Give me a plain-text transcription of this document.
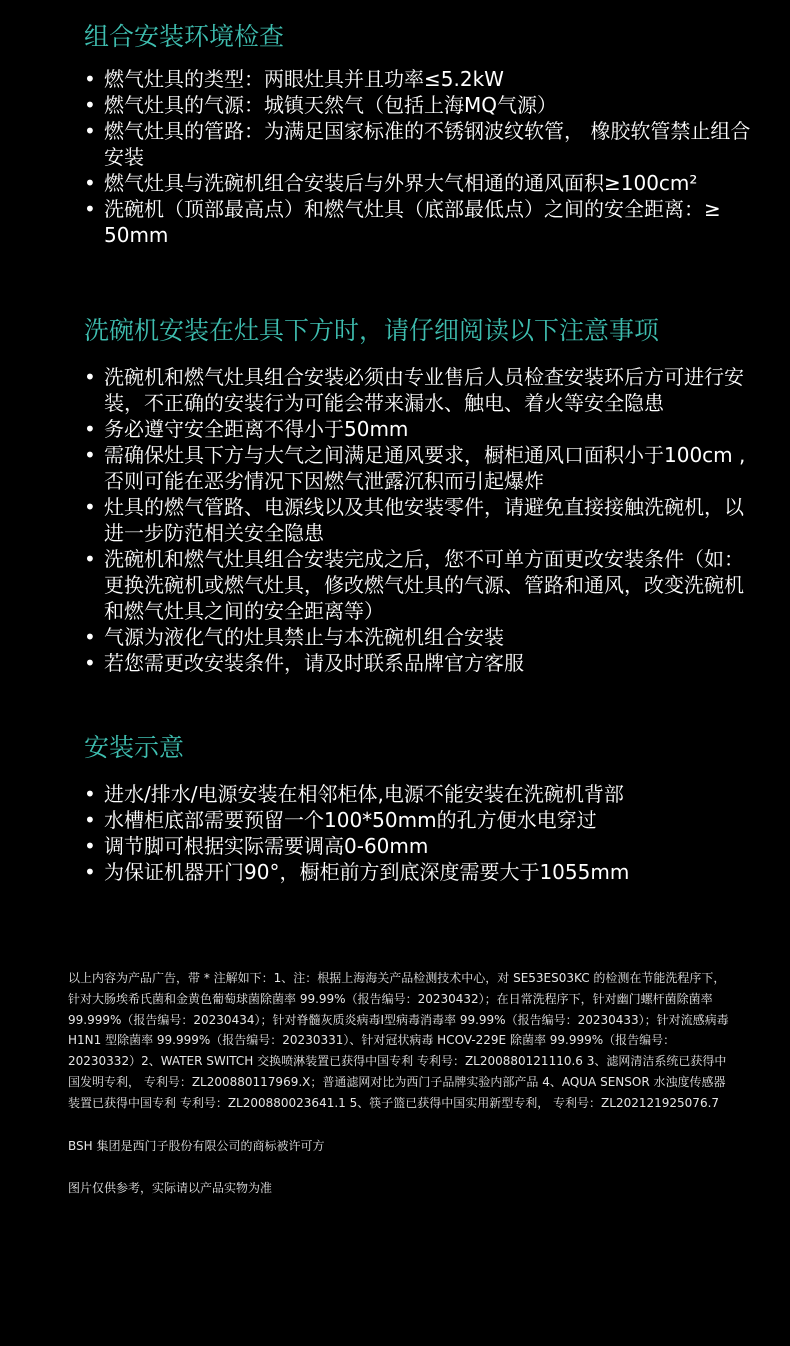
组合安装环境检查
• 燃气灶具的类型：两眼灶具并且功率≤5.2kW
• 燃气灶具的气源：城镇天然气（包括上海MQ气源）
• 燃气灶具的管路：为满足国家标准的不锈钢波纹软管， 橡胶软管禁止组合安装
• 燃气灶具与洗碗机组合安装后与外界大气相通的通风面积≥100cm²
• 洗碗机（顶部最高点）和燃气灶具（底部最低点）之间的安全距离：≥ 50mm
洗碗机安装在灶具下方时，请仔细阅读以下注意事项
• 洗碗机和燃气灶具组合安装必须由专业售后人员检查安装环后方可进行安装，不正确的安装行为可能会带来漏水、触电、着火等安全隐患
• 务必遵守安全距离不得小于50mm
• 需确保灶具下方与大气之间满足通风要求，橱柜通风口面积小于100cm ,否则可能在恶劣情况下因燃气泄露沉积而引起爆炸
• 灶具的燃气管路、电源线以及其他安装零件，请避免直接接触洗碗机，以进一步防范相关安全隐患
• 洗碗机和燃气灶具组合安装完成之后，您不可单方面更改安装条件（如：更换洗碗机或燃气灶具，修改燃气灶具的气源、管路和通风，改变洗碗机和燃气灶具之间的安全距离等）
• 气源为液化气的灶具禁止与本洗碗机组合安装
• 若您需更改安装条件，请及时联系品牌官方客服
安装示意
• 进水/排水/电源安装在相邻柜体,电源不能安装在洗碗机背部
• 水槽柜底部需要预留一个100*50mm的孔方便水电穿过
• 调节脚可根据实际需要调高0-60mm
• 为保证机器开门90°，橱柜前方到底深度需要大于1055mm

以上内容为产品广告，带 * 注解如下：1、注：根据上海海关产品检测技术中心，对 SE53ES03KC 的检测在节能洗程序下，针对大肠埃希氏菌和金黄色葡萄球菌除菌率 99.99%（报告编号：20230432）；在日常洗程序下，针对幽门螺杆菌除菌率 99.999%（报告编号：20230434）；针对脊髓灰质炎病毒I型病毒消毒率 99.99%（报告编号：20230433）；针对流感病毒 H1N1 型除菌率 99.999%（报告编号：20230331）、针对冠状病毒 HCOV-229E 除菌率 99.999%（报告编号：20230332）2、WATER SWITCH 交换喷淋装置已获得中国专利 专利号：ZL200880121110.6 3、滤网清洁系统已获得中国发明专利， 专利号：ZL200880117969.X；普通滤网对比为西门子品牌实验内部产品 4、AQUA SENSOR 水浊度传感器装置已获得中国专利 专利号：ZL200880023641.1 5、筷子篮已获得中国实用新型专利， 专利号：ZL202121925076.7

BSH 集团是西门子股份有限公司的商标被许可方

图片仅供参考，实际请以产品实物为准
